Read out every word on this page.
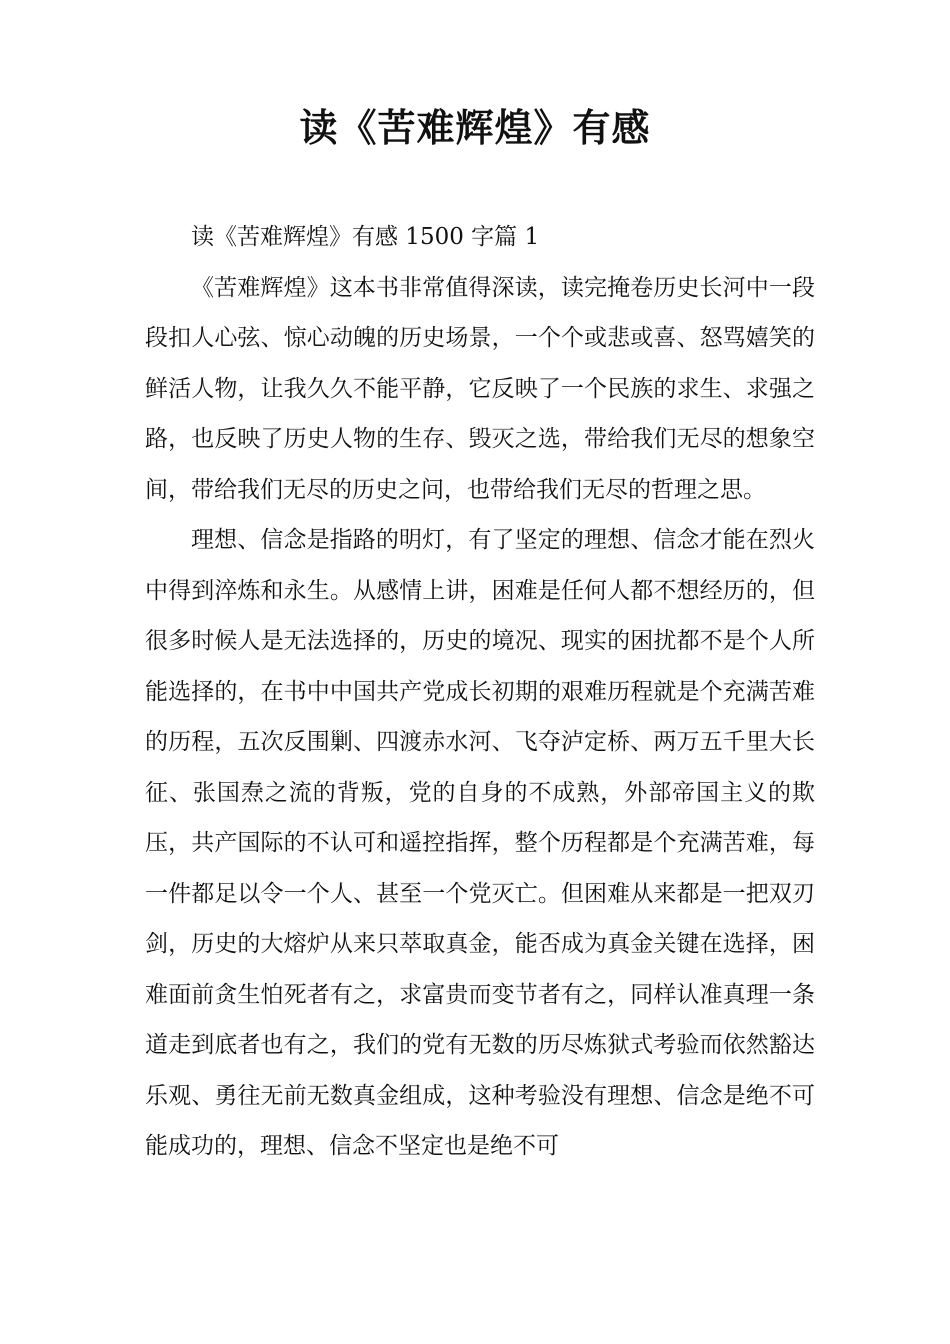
读《苦难辉煌》有感

读《苦难辉煌》有感 1500 字篇 1

《苦难辉煌》这本书非常值得深读，读完掩卷历史长河中一段段扣人心弦、惊心动魄的历史场景，一个个或悲或喜、怒骂嬉笑的鲜活人物，让我久久不能平静，它反映了一个民族的求生、求强之路，也反映了历史人物的生存、毁灭之选，带给我们无尽的想象空间，带给我们无尽的历史之问，也带给我们无尽的哲理之思。

理想、信念是指路的明灯，有了坚定的理想、信念才能在烈火中得到淬炼和永生。从感情上讲，困难是任何人都不想经历的，但很多时候人是无法选择的，历史的境况、现实的困扰都不是个人所能选择的，在书中中国共产党成长初期的艰难历程就是个充满苦难的历程，五次反围剿、四渡赤水河、飞夺泸定桥、两万五千里大长征、张国焘之流的背叛，党的自身的不成熟，外部帝国主义的欺压，共产国际的不认可和遥控指挥，整个历程都是个充满苦难，每一件都足以令一个人、甚至一个党灭亡。但困难从来都是一把双刃剑，历史的大熔炉从来只萃取真金，能否成为真金关键在选择，困难面前贪生怕死者有之，求富贵而变节者有之，同样认准真理一条道走到底者也有之，我们的党有无数的历尽炼狱式考验而依然豁达乐观、勇往无前无数真金组成，这种考验没有理想、信念是绝不可能成功的，理想、信念不坚定也是绝不可
